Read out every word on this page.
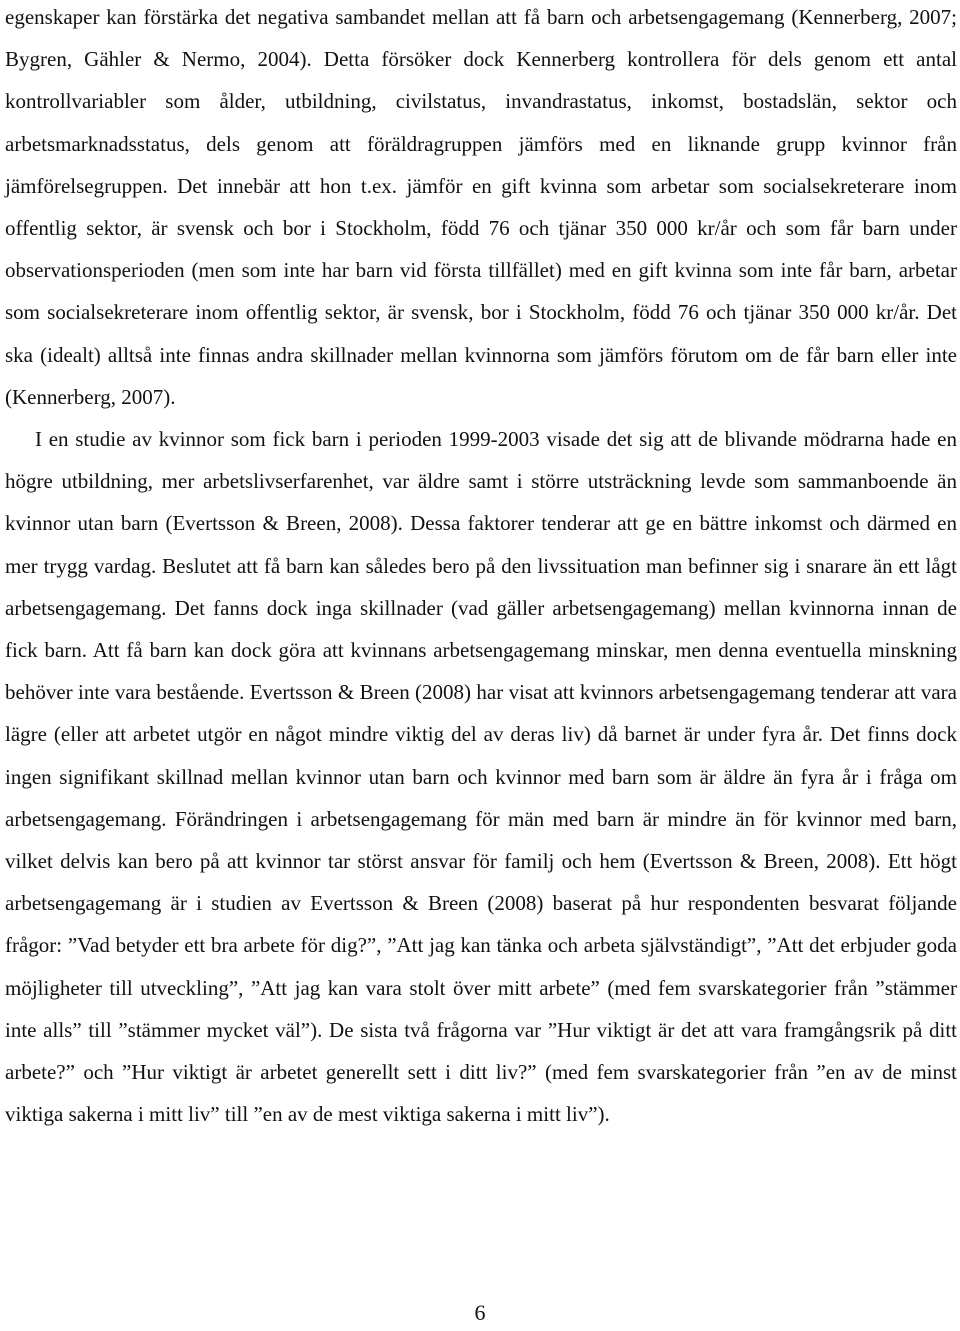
egenskaper kan förstärka det negativa sambandet mellan att få barn och arbetsengagemang (Kennerberg, 2007; Bygren, Gähler & Nermo, 2004). Detta försöker dock Kennerberg kontrollera för dels genom ett antal kontrollvariabler som ålder, utbildning, civilstatus, invandrastatus, inkomst, bostadslän, sektor och arbetsmarknadsstatus, dels genom att föräldragruppen jämförs med en liknande grupp kvinnor från jämförelsegruppen. Det innebär att hon t.ex. jämför en gift kvinna som arbetar som socialsekreterare inom offentlig sektor, är svensk och bor i Stockholm, född 76 och tjänar 350 000 kr/år och som får barn under observationsperioden (men som inte har barn vid första tillfället) med en gift kvinna som inte får barn, arbetar som socialsekreterare inom offentlig sektor, är svensk, bor i Stockholm, född 76 och tjänar 350 000 kr/år. Det ska (idealt) alltså inte finnas andra skillnader mellan kvinnorna som jämförs förutom om de får barn eller inte (Kennerberg, 2007).

I en studie av kvinnor som fick barn i perioden 1999-2003 visade det sig att de blivande mödrarna hade en högre utbildning, mer arbetslivserfarenhet, var äldre samt i större utsträckning levde som sammanboende än kvinnor utan barn (Evertsson & Breen, 2008). Dessa faktorer tenderar att ge en bättre inkomst och därmed en mer trygg vardag. Beslutet att få barn kan således bero på den livssituation man befinner sig i snarare än ett lågt arbetsengagemang. Det fanns dock inga skillnader (vad gäller arbetsengagemang) mellan kvinnorna innan de fick barn. Att få barn kan dock göra att kvinnans arbetsengagemang minskar, men denna eventuella minskning behöver inte vara bestående. Evertsson & Breen (2008) har visat att kvinnors arbetsengagemang tenderar att vara lägre (eller att arbetet utgör en något mindre viktig del av deras liv) då barnet är under fyra år. Det finns dock ingen signifikant skillnad mellan kvinnor utan barn och kvinnor med barn som är äldre än fyra år i fråga om arbetsengagemang. Förändringen i arbetsengagemang för män med barn är mindre än för kvinnor med barn, vilket delvis kan bero på att kvinnor tar störst ansvar för familj och hem (Evertsson & Breen, 2008). Ett högt arbetsengagemang är i studien av Evertsson & Breen (2008) baserat på hur respondenten besvarat följande frågor: ”Vad betyder ett bra arbete för dig?”, ”Att jag kan tänka och arbeta självständigt”, ”Att det erbjuder goda möjligheter till utveckling”, ”Att jag kan vara stolt över mitt arbete” (med fem svarskategorier från ”stämmer inte alls” till ”stämmer mycket väl”). De sista två frågorna var ”Hur viktigt är det att vara framgångsrik på ditt arbete?” och ”Hur viktigt är arbetet generellt sett i ditt liv?” (med fem svarskategorier från ”en av de minst viktiga sakerna i mitt liv” till ”en av de mest viktiga sakerna i mitt liv”).

6
